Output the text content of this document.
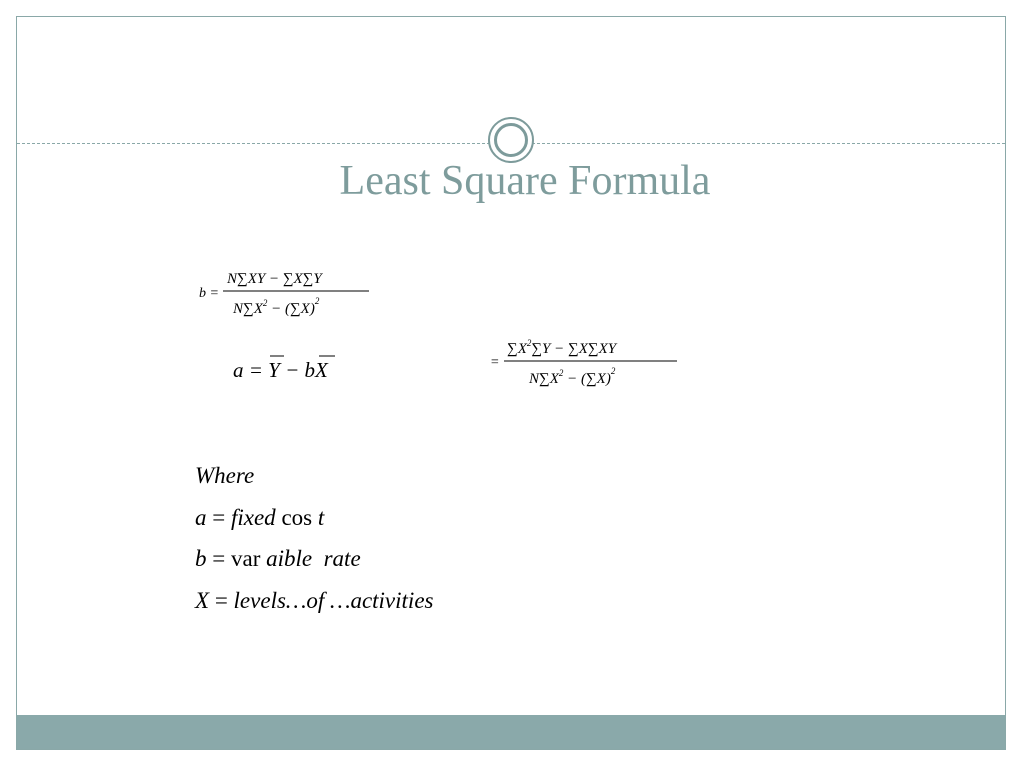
Least Square Formula
b =
N∑XY − ∑X∑Y
$N\sum X^2 - (\sum X)^2$
a = Y − bX	=
$\sum X^2\sum Y - \sum X\sum XY$
$N\sum X^2 - (\sum X)^2$
Where
a = fixed cos t
b = var aible  rate
X = levels…of …activities
